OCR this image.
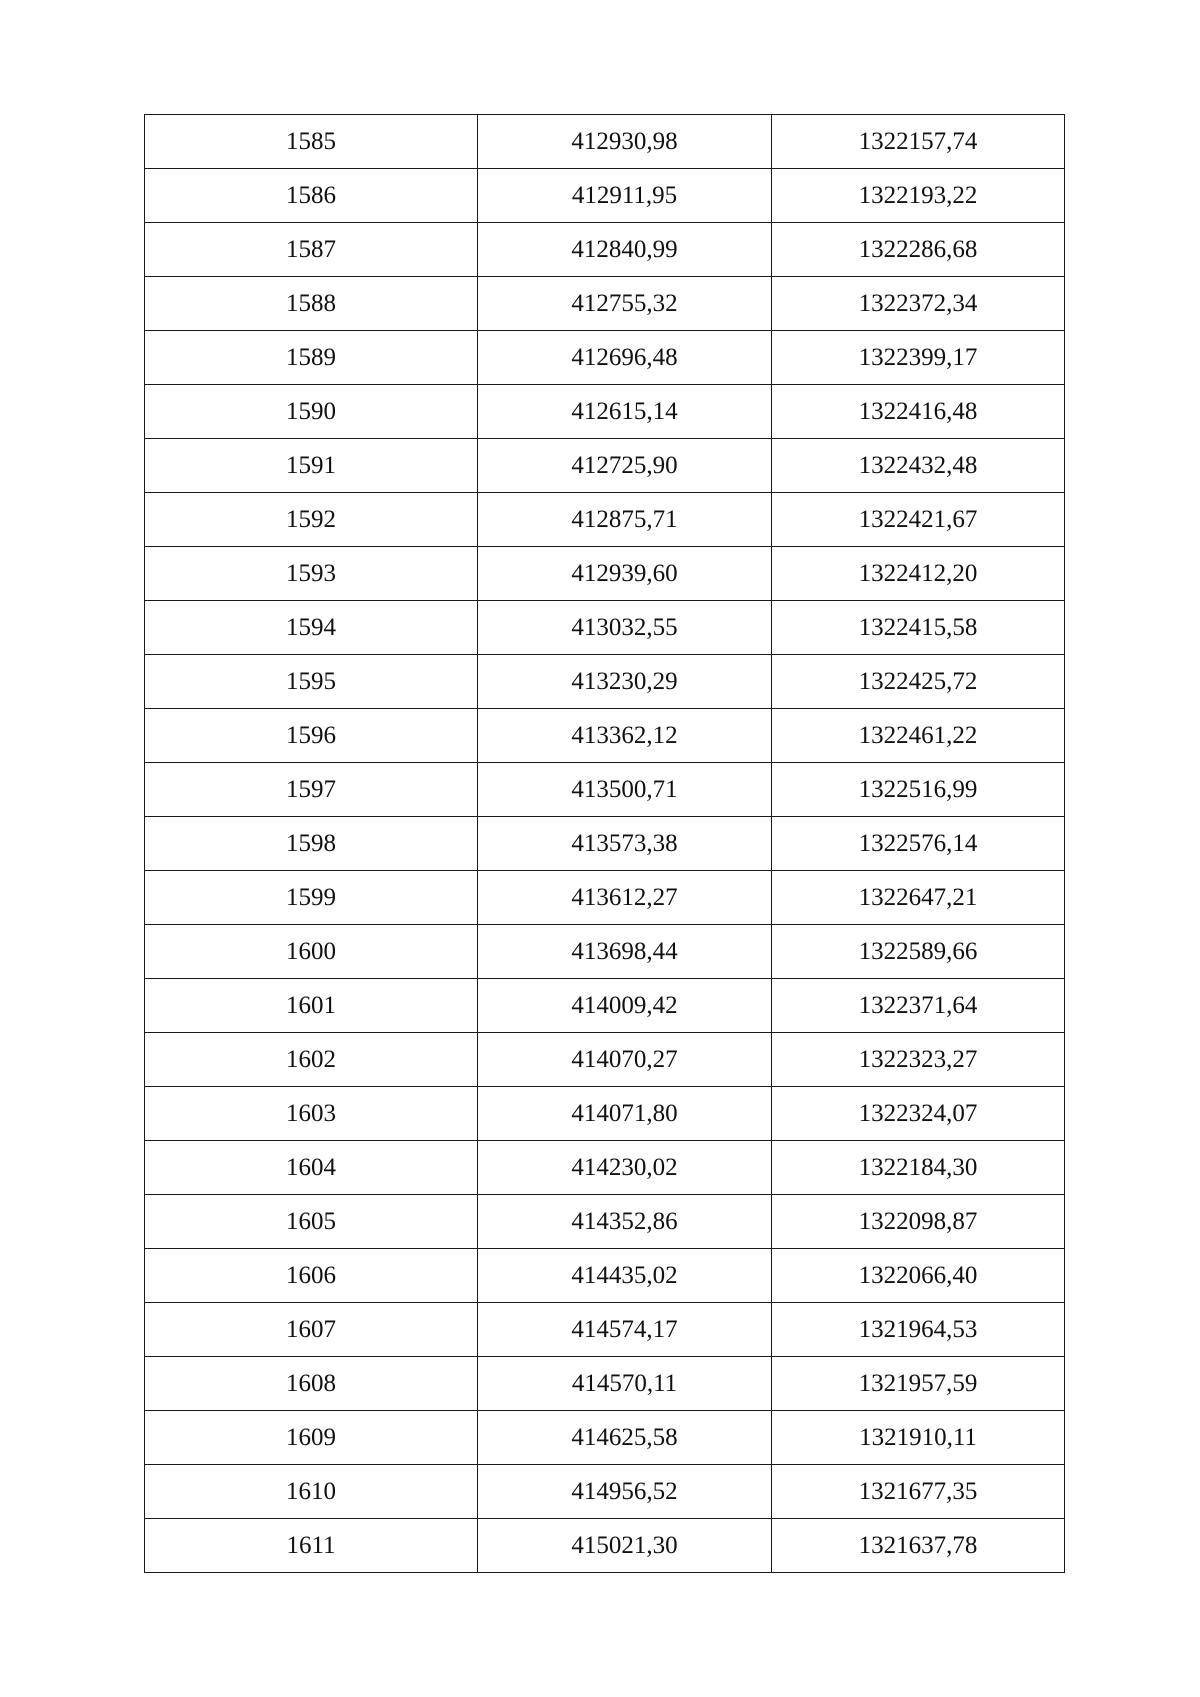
1585	412930,98	1322157,74
1586	412911,95	1322193,22
1587	412840,99	1322286,68
1588	412755,32	1322372,34
1589	412696,48	1322399,17
1590	412615,14	1322416,48
1591	412725,90	1322432,48
1592	412875,71	1322421,67
1593	412939,60	1322412,20
1594	413032,55	1322415,58
1595	413230,29	1322425,72
1596	413362,12	1322461,22
1597	413500,71	1322516,99
1598	413573,38	1322576,14
1599	413612,27	1322647,21
1600	413698,44	1322589,66
1601	414009,42	1322371,64
1602	414070,27	1322323,27
1603	414071,80	1322324,07
1604	414230,02	1322184,30
1605	414352,86	1322098,87
1606	414435,02	1322066,40
1607	414574,17	1321964,53
1608	414570,11	1321957,59
1609	414625,58	1321910,11
1610	414956,52	1321677,35
1611	415021,30	1321637,78
